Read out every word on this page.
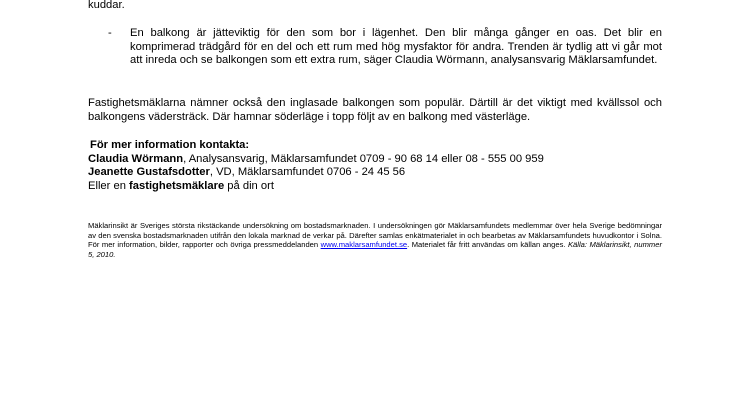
kuddar.

- En balkong är jätteviktig för den som bor i lägenhet. Den blir många gånger en oas. Det blir en komprimerad trädgård för en del och ett rum med hög mysfaktor för andra. Trenden är tydlig att vi går mot att inreda och se balkongen som ett extra rum, säger Claudia Wörmann, analysansvarig Mäklarsamfundet.

Fastighetsmäklarna nämner också den inglasade balkongen som populär. Därtill är det viktigt med kvällssol och balkongens vädersträck. Där hamnar söderläge i topp följt av en balkong med västerläge.

För mer information kontakta:
Claudia Wörmann, Analysansvarig, Mäklarsamfundet 0709 - 90 68 14 eller 08 - 555 00 959
Jeanette Gustafsdotter, VD, Mäklarsamfundet 0706 - 24 45 56
Eller en fastighetsmäklare på din ort

Mäklarinsikt är Sveriges största rikstäckande undersökning om bostadsmarknaden. I undersökningen gör Mäklarsamfundets medlemmar över hela Sverige bedömningar av den svenska bostadsmarknaden utifrån den lokala marknad de verkar på. Därefter samlas enkätmaterialet in och bearbetas av Mäklarsamfundets huvudkontor i Solna. För mer information, bilder, rapporter och övriga pressmeddelanden www.maklarsamfundet.se. Materialet får fritt användas om källan anges. Källa: Mäklarinsikt, nummer 5, 2010.
